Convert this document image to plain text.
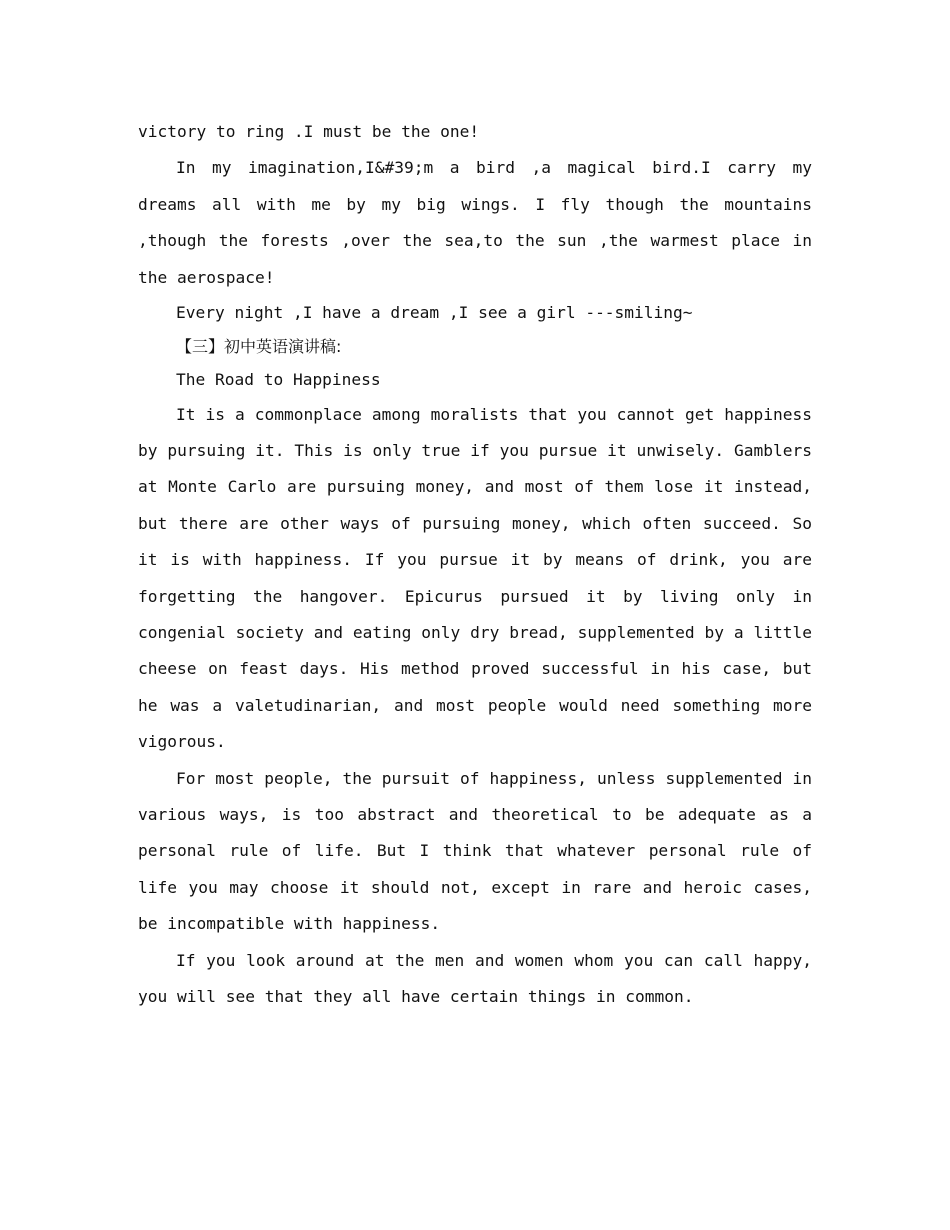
victory to ring .I must be the one!

In my imagination,I&#39;m a bird ,a magical bird.I carry my dreams all with me by my big wings. I fly though the mountains ,though the forests ,over the sea,to the sun ,the warmest place in the aerospace!

Every night ,I have a dream ,I see a girl ---smiling~

【三】初中英语演讲稿:

The Road to Happiness

It is a commonplace among moralists that you cannot get happiness by pursuing it. This is only true if you pursue it unwisely. Gamblers at Monte Carlo are pursuing money, and most of them lose it instead, but there are other ways of pursuing money, which often succeed. So it is with happiness. If you pursue it by means of drink, you are forgetting the hangover. Epicurus pursued it by living only in congenial society and eating only dry bread, supplemented by a little cheese on feast days. His method proved successful in his case, but he was a valetudinarian, and most people would need something more vigorous.

For most people, the pursuit of happiness, unless supplemented in various ways, is too abstract and theoretical to be adequate as a personal rule of life. But I think that whatever personal rule of life you may choose it should not, except in rare and heroic cases, be incompatible with happiness.

If you look around at the men and women whom you can call happy, you will see that they all have certain things in common.
